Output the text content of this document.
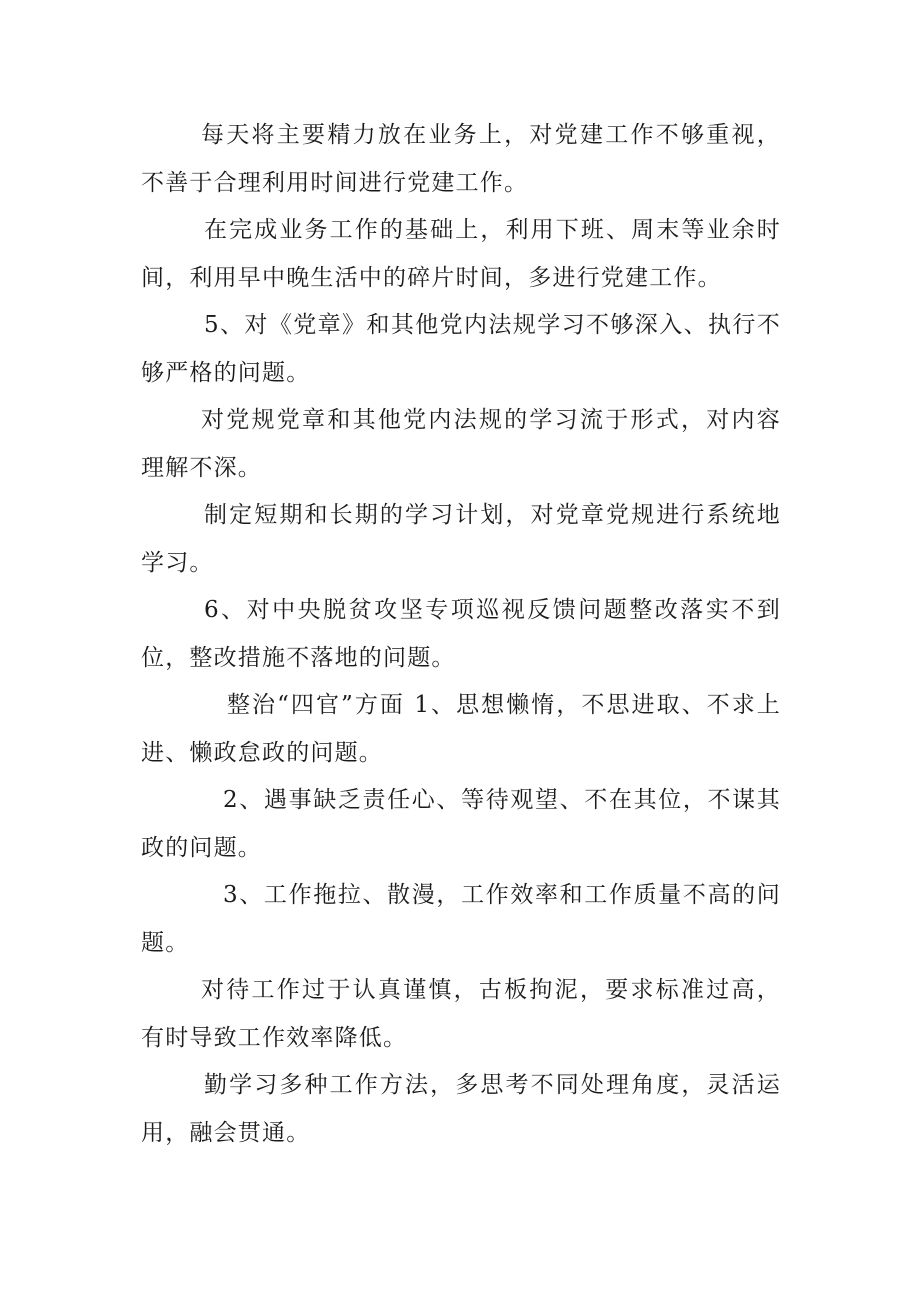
每天将主要精力放在业务上，对党建工作不够重视，不善于合理利用时间进行党建工作。

在完成业务工作的基础上，利用下班、周末等业余时间，利用早中晚生活中的碎片时间，多进行党建工作。

5、对《党章》和其他党内法规学习不够深入、执行不够严格的问题。

对党规党章和其他党内法规的学习流于形式，对内容理解不深。

制定短期和长期的学习计划，对党章党规进行系统地学习。

6、对中央脱贫攻坚专项巡视反馈问题整改落实不到位，整改措施不落地的问题。

整治“四官”方面 1、思想懒惰，不思进取、不求上进、懒政怠政的问题。

2、遇事缺乏责任心、等待观望、不在其位，不谋其政的问题。

3、工作拖拉、散漫，工作效率和工作质量不高的问题。

对待工作过于认真谨慎，古板拘泥，要求标准过高，有时导致工作效率降低。

勤学习多种工作方法，多思考不同处理角度，灵活运用，融会贯通。
